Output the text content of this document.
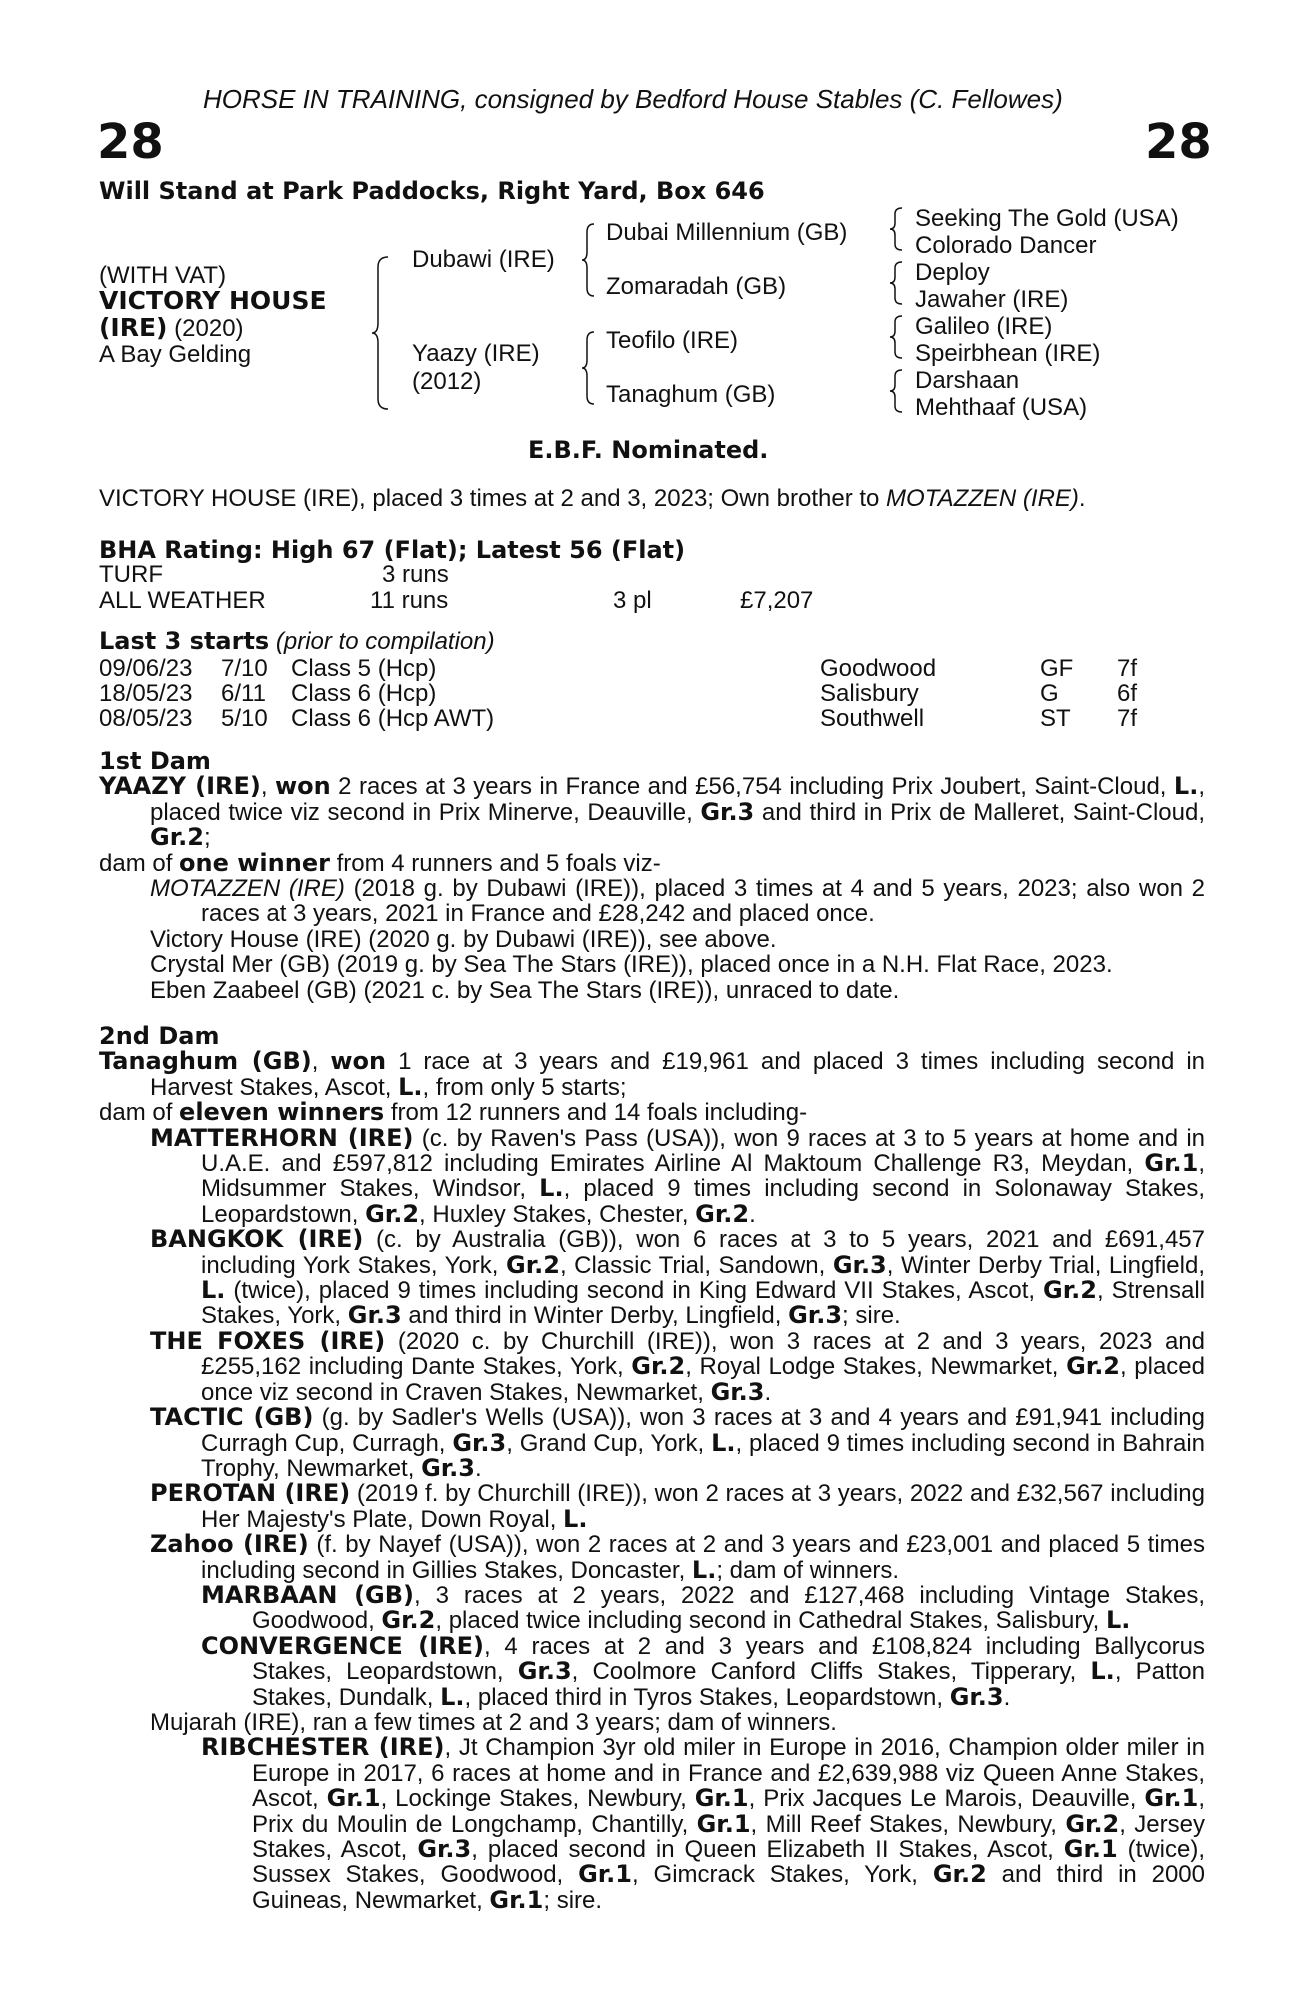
HORSE IN TRAINING, consigned by Bedford House Stables (C. Fellowes)
28	28
Will Stand at Park Paddocks, Right Yard, Box 646
(WITH VAT)
VICTORY HOUSE
(IRE) (2020)
A Bay Gelding
Dubawi (IRE)
Yaazy (IRE)
(2012)
Dubai Millennium (GB)
Zomaradah (GB)
Teofilo (IRE)
Tanaghum (GB)
Seeking The Gold (USA)
Colorado Dancer
Deploy
Jawaher (IRE)
Galileo (IRE)
Speirbhean (IRE)
Darshaan
Mehthaaf (USA)
E.B.F. Nominated.
VICTORY HOUSE (IRE), placed 3 times at 2 and 3, 2023; Own brother to MOTAZZEN (IRE).
BHA Rating: High 67 (Flat); Latest 56 (Flat)
TURF	3 runs
ALL WEATHER	11 runs	3 pl	£7,207
Last 3 starts (prior to compilation)
09/06/23 7/10 Class 5 (Hcp)	Goodwood	GF 7f
18/05/23 6/11 Class 6 (Hcp)	Salisbury	G 6f
08/05/23 5/10 Class 6 (Hcp AWT)	Southwell	ST 7f

1st Dam

YAAZY (IRE), won 2 races at 3 years in France and £56,754 including Prix Joubert, Saint-Cloud, L., placed twice viz second in Prix Minerve, Deauville, Gr.3 and third in Prix de Malleret, Saint-Cloud, Gr.2;

dam of one winner from 4 runners and 5 foals viz-

MOTAZZEN (IRE) (2018 g. by Dubawi (IRE)), placed 3 times at 4 and 5 years, 2023; also won 2 races at 3 years, 2021 in France and £28,242 and placed once.

Victory House (IRE) (2020 g. by Dubawi (IRE)), see above.

Crystal Mer (GB) (2019 g. by Sea The Stars (IRE)), placed once in a N.H. Flat Race, 2023.

Eben Zaabeel (GB) (2021 c. by Sea The Stars (IRE)), unraced to date.

2nd Dam

Tanaghum (GB), won 1 race at 3 years and £19,961 and placed 3 times including second in Harvest Stakes, Ascot, L., from only 5 starts;

dam of eleven winners from 12 runners and 14 foals including-

MATTERHORN (IRE) (c. by Raven's Pass (USA)), won 9 races at 3 to 5 years at home and in U.A.E. and £597,812 including Emirates Airline Al Maktoum Challenge R3, Meydan, Gr.1, Midsummer Stakes, Windsor, L., placed 9 times including second in Solonaway Stakes, Leopardstown, Gr.2, Huxley Stakes, Chester, Gr.2.

BANGKOK (IRE) (c. by Australia (GB)), won 6 races at 3 to 5 years, 2021 and £691,457 including York Stakes, York, Gr.2, Classic Trial, Sandown, Gr.3, Winter Derby Trial, Lingfield, L. (twice), placed 9 times including second in King Edward VII Stakes, Ascot, Gr.2, Strensall Stakes, York, Gr.3 and third in Winter Derby, Lingfield, Gr.3; sire.

THE FOXES (IRE) (2020 c. by Churchill (IRE)), won 3 races at 2 and 3 years, 2023 and £255,162 including Dante Stakes, York, Gr.2, Royal Lodge Stakes, Newmarket, Gr.2, placed once viz second in Craven Stakes, Newmarket, Gr.3.

TACTIC (GB) (g. by Sadler's Wells (USA)), won 3 races at 3 and 4 years and £91,941 including Curragh Cup, Curragh, Gr.3, Grand Cup, York, L., placed 9 times including second in Bahrain Trophy, Newmarket, Gr.3.

PEROTAN (IRE) (2019 f. by Churchill (IRE)), won 2 races at 3 years, 2022 and £32,567 including Her Majesty's Plate, Down Royal, L.

Zahoo (IRE) (f. by Nayef (USA)), won 2 races at 2 and 3 years and £23,001 and placed 5 times including second in Gillies Stakes, Doncaster, L.; dam of winners.

MARBAAN (GB), 3 races at 2 years, 2022 and £127,468 including Vintage Stakes, Goodwood, Gr.2, placed twice including second in Cathedral Stakes, Salisbury, L.

CONVERGENCE (IRE), 4 races at 2 and 3 years and £108,824 including Ballycorus Stakes, Leopardstown, Gr.3, Coolmore Canford Cliffs Stakes, Tipperary, L., Patton Stakes, Dundalk, L., placed third in Tyros Stakes, Leopardstown, Gr.3.

Mujarah (IRE), ran a few times at 2 and 3 years; dam of winners.

RIBCHESTER (IRE), Jt Champion 3yr old miler in Europe in 2016, Champion older miler in Europe in 2017, 6 races at home and in France and £2,639,988 viz Queen Anne Stakes, Ascot, Gr.1, Lockinge Stakes, Newbury, Gr.1, Prix Jacques Le Marois, Deauville, Gr.1, Prix du Moulin de Longchamp, Chantilly, Gr.1, Mill Reef Stakes, Newbury, Gr.2, Jersey Stakes, Ascot, Gr.3, placed second in Queen Elizabeth II Stakes, Ascot, Gr.1 (twice), Sussex Stakes, Goodwood, Gr.1, Gimcrack Stakes, York, Gr.2 and third in 2000 Guineas, Newmarket, Gr.1; sire.
